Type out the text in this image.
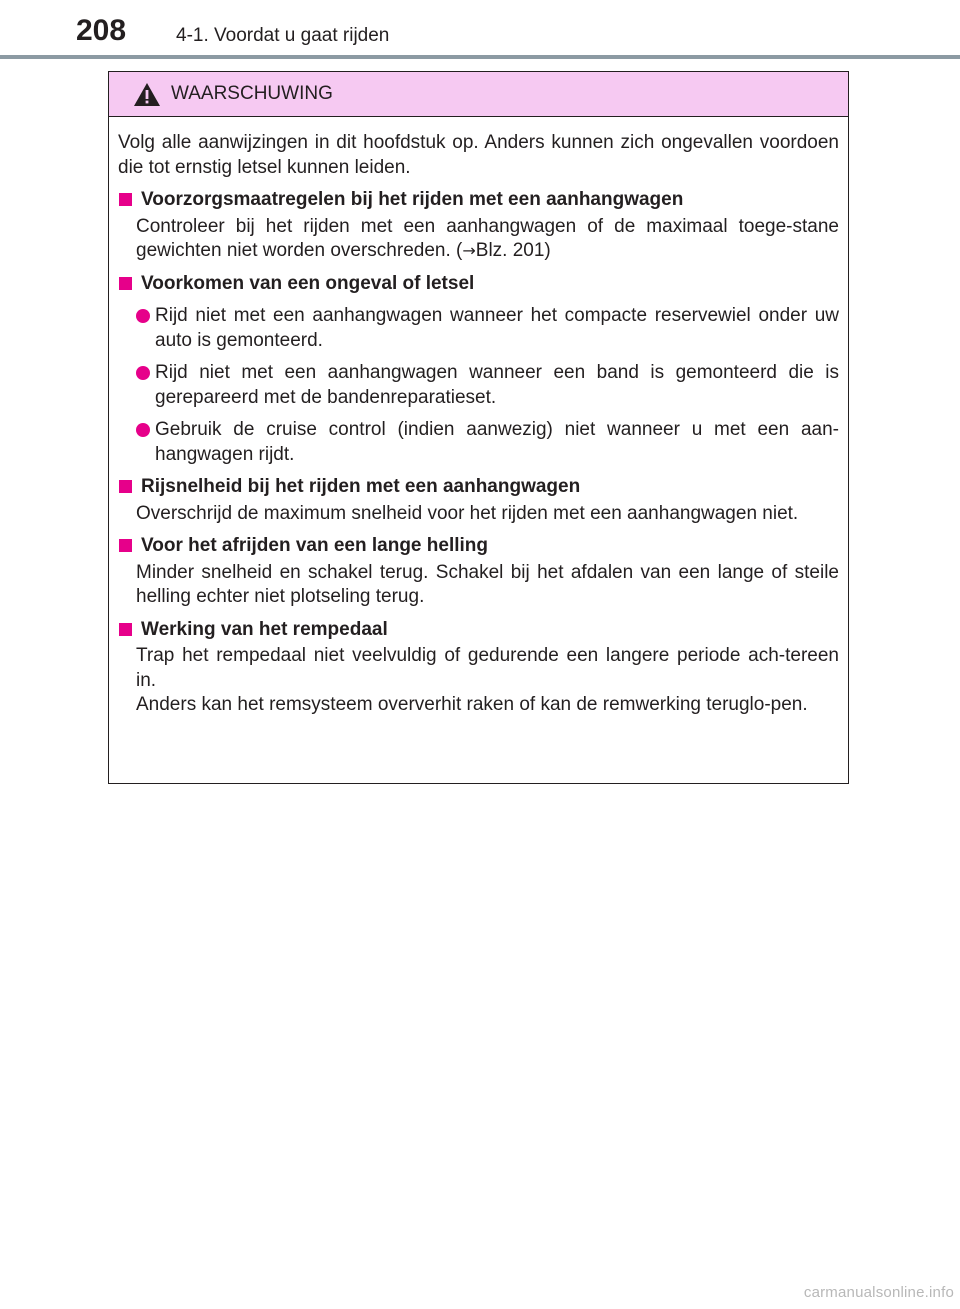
208	4-1. Voordat u gaat rijden
WAARSCHUWING

Volg alle aanwijzingen in dit hoofdstuk op. Anders kunnen zich ongevallen voordoen die tot ernstig letsel kunnen leiden.

Voorzorgsmaatregelen bij het rijden met een aanhangwagen

Controleer bij het rijden met een aanhangwagen of de maximaal toege-stane gewichten niet worden overschreden. (→Blz. 201)

Voorkomen van een ongeval of letsel

Rijd niet met een aanhangwagen wanneer het compacte reservewiel onder uw auto is gemonteerd.

Rijd niet met een aanhangwagen wanneer een band is gemonteerd die is gerepareerd met de bandenreparatieset.

Gebruik de cruise control (indien aanwezig) niet wanneer u met een aan-hangwagen rijdt.

Rijsnelheid bij het rijden met een aanhangwagen

Overschrijd de maximum snelheid voor het rijden met een aanhangwagen niet.

Voor het afrijden van een lange helling

Minder snelheid en schakel terug. Schakel bij het afdalen van een lange of steile helling echter niet plotseling terug.

Werking van het rempedaal

Trap het rempedaal niet veelvuldig of gedurende een langere periode ach-tereen in.

Anders kan het remsysteem oververhit raken of kan de remwerking teruglo-pen.

carmanualsonline.info
